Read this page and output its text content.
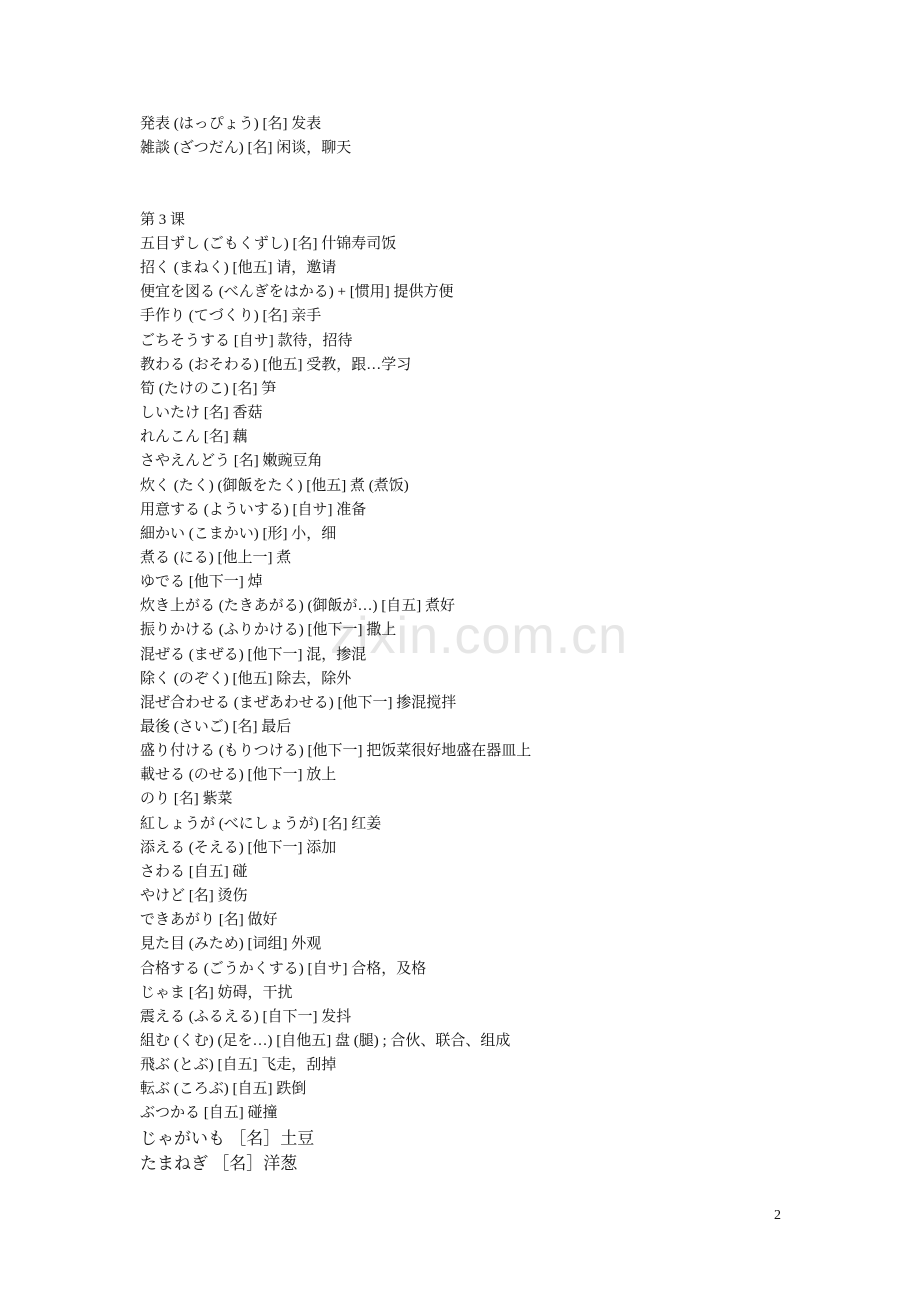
zixin.com.cn
発表 (はっぴょう) [名] 发表
雑談 (ざつだん) [名] 闲谈，聊天
第 3 课
五目ずし (ごもくずし) [名] 什锦寿司饭
招く (まねく) [他五] 请，邀请
便宜を図る (べんぎをはかる) + [惯用] 提供方便
手作り (てづくり) [名] 亲手
ごちそうする [自サ] 款待，招待
教わる (おそわる) [他五] 受教，跟…学习
筍 (たけのこ) [名] 笋
しいたけ [名] 香菇
れんこん [名] 藕
さやえんどう [名] 嫩豌豆角
炊く (たく) (御飯をたく) [他五] 煮 (煮饭)
用意する (よういする) [自サ] 准备
細かい (こまかい) [形] 小，细
煮る (にる) [他上一] 煮
ゆでる [他下一] 焯
炊き上がる (たきあがる) (御飯が…) [自五] 煮好
振りかける (ふりかける) [他下一] 撒上
混ぜる (まぜる) [他下一] 混，掺混
除く (のぞく) [他五] 除去，除外
混ぜ合わせる (まぜあわせる) [他下一] 掺混搅拌
最後 (さいご) [名] 最后
盛り付ける (もりつける) [他下一] 把饭菜很好地盛在器皿上
載せる (のせる) [他下一] 放上
のり [名] 紫菜
紅しょうが (べにしょうが) [名] 红姜
添える (そえる) [他下一] 添加
さわる [自五] 碰
やけど [名] 烫伤
できあがり [名] 做好
見た目 (みため) [词组] 外观
合格する (ごうかくする) [自サ] 合格，及格
じゃま [名] 妨碍，干扰
震える (ふるえる) [自下一] 发抖
組む (くむ) (足を…) [自他五] 盘 (腿) ; 合伙、联合、组成
飛ぶ (とぶ) [自五] 飞走，刮掉
転ぶ (ころぶ) [自五] 跌倒
ぶつかる [自五] 碰撞
じゃがいも ［名］土豆
たまねぎ ［名］洋葱
2
